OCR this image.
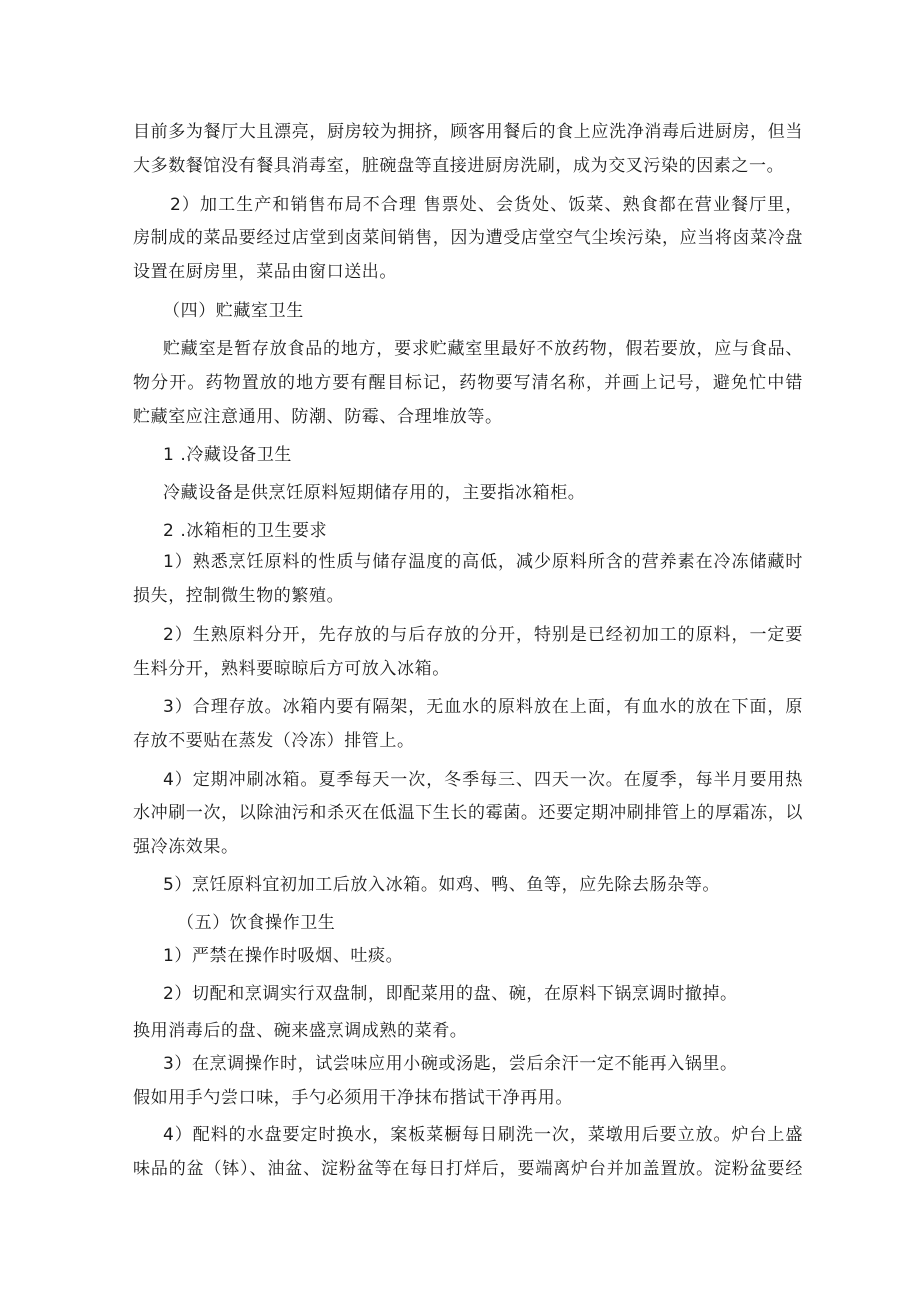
目前多为餐厅大且漂亮，厨房较为拥挤，顾客用餐后的食上应洗净消毒后进厨房，但当
大多数餐馆没有餐具消毒室，脏碗盘等直接进厨房洗刷，成为交叉污染的因素之一。
2）加工生产和销售布局不合理 售票处、会货处、饭菜、熟食都在营业餐厅里，
房制成的菜品要经过店堂到卤菜间销售，因为遭受店堂空气尘埃污染，应当将卤菜冷盘
设置在厨房里，菜品由窗口送出。
（四）贮藏室卫生
贮藏室是暂存放食品的地方，要求贮藏室里最好不放药物，假若要放，应与食品、
物分开。药物置放的地方要有醒目标记，药物要写清名称，并画上记号，避免忙中错
贮藏室应注意通用、防潮、防霉、合理堆放等。
1 .冷藏设备卫生
冷藏设备是供烹饪原料短期储存用的，主要指冰箱柜。
2 .冰箱柜的卫生要求
1）熟悉烹饪原料的性质与储存温度的高低，减少原料所含的营养素在冷冻储藏时
损失，控制微生物的繁殖。
2）生熟原料分开，先存放的与后存放的分开，特别是已经初加工的原料，一定要
生料分开，熟料要晾晾后方可放入冰箱。
3）合理存放。冰箱内要有隔架，无血水的原料放在上面，有血水的放在下面，原
存放不要贴在蒸发（冷冻）排管上。
4）定期冲刷冰箱。夏季每天一次，冬季每三、四天一次。在厦季，每半月要用热
水冲刷一次，以除油污和杀灭在低温下生长的霉菌。还要定期冲刷排管上的厚霜冻，以
强冷冻效果。
5）烹饪原料宜初加工后放入冰箱。如鸡、鸭、鱼等，应先除去肠杂等。
（五）饮食操作卫生
1）严禁在操作时吸烟、吐痰。
2）切配和烹调实行双盘制，即配菜用的盘、碗，在原料下锅烹调时撤掉。
换用消毒后的盘、碗来盛烹调成熟的菜肴。
3）在烹调操作时，试尝味应用小碗或汤匙，尝后余汗一定不能再入锅里。
假如用手勺尝口味，手勺必须用干净抹布揩试干净再用。
4）配料的水盘要定时换水，案板菜橱每日刷洗一次，菜墩用后要立放。炉台上盛
味品的盆（钵）、油盆、淀粉盆等在每日打烊后，要端离炉台并加盖置放。淀粉盆要经
